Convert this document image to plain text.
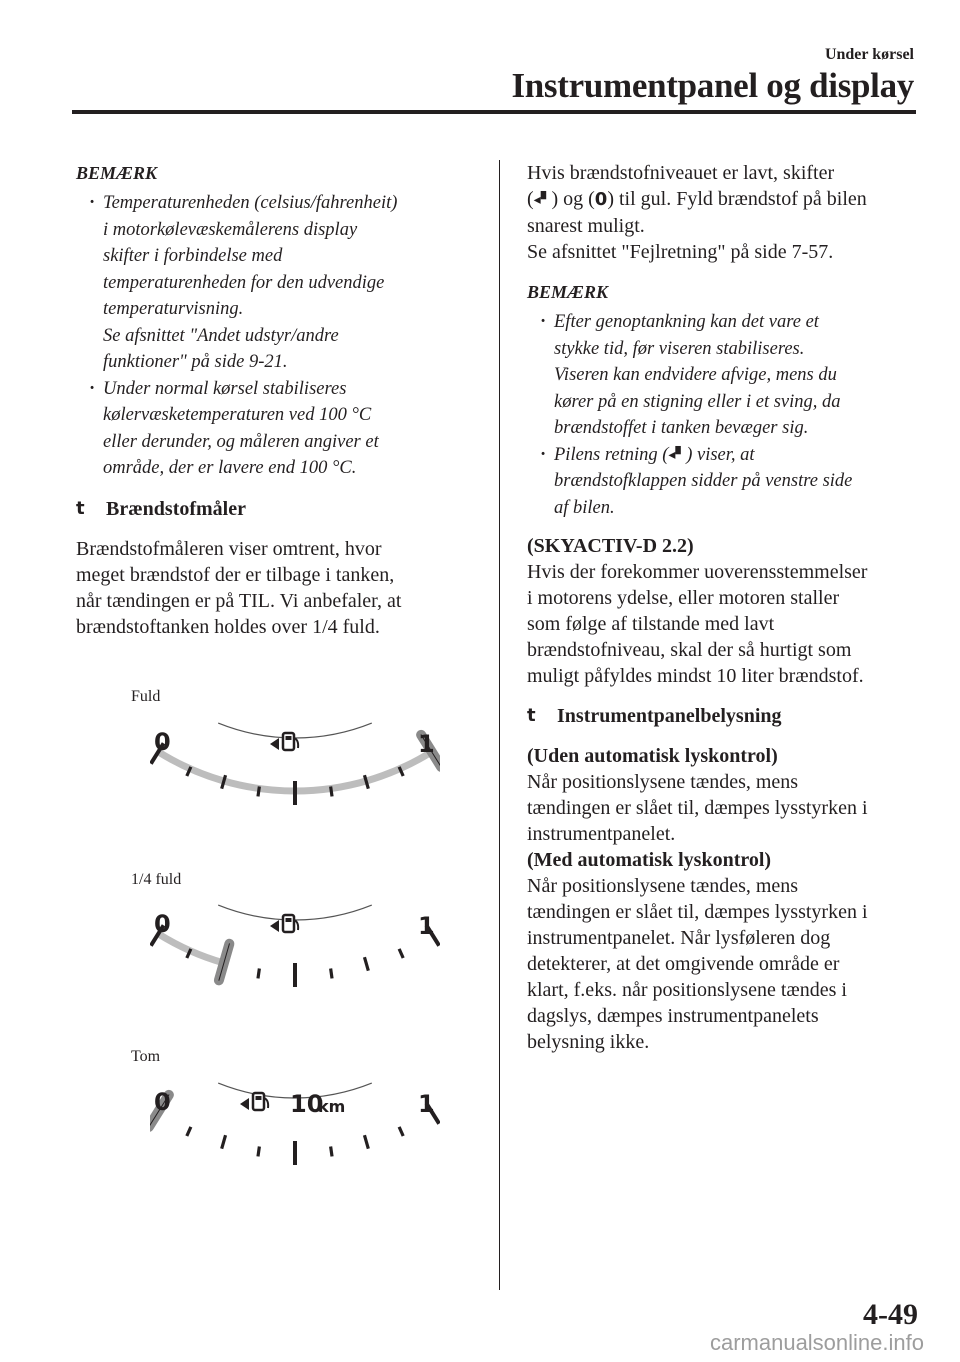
Under kørsel
Instrumentpanel og display
BEMÆRK
· Temperaturenheden (celsius/fahrenheit)
i motorkølevæskemålerens display
skifter i forbindelse med
temperaturenheden for den udvendige
temperaturvisning.
Se afsnittet "Andet udstyr/andre
funktioner" på side 9-21.
· Under normal kørsel stabiliseres
kølervæsketemperaturen ved 100 °C
eller derunder, og måleren angiver et
område, der er lavere end 100 °C.
t	Brændstofmåler

Brændstofmåleren viser omtrent, hvor

meget brændstof der er tilbage i tanken,

når tændingen er på TIL. Vi anbefaler, at

brændstoftanken holdes over 1/4 fuld.

Fuld
0	1
1/4 fuld
0	1
Tom
0	1
10
km

Hvis brændstofniveauet er lavt, skifter

(◂▘) og (0) til gul. Fyld brændstof på bilen

snarest muligt.

Se afsnittet "Fejlretning" på side 7-57.

BEMÆRK
· Efter genoptankning kan det vare et
stykke tid, før viseren stabiliseres.
Viseren kan endvidere afvige, mens du
kører på en stigning eller i et sving, da
brændstoffet i tanken bevæger sig.
· Pilens retning (◂▘) viser, at
brændstofklappen sidder på venstre side
af bilen.
(SKYACTIV-D 2.2)

Hvis der forekommer uoverensstemmelser

i motorens ydelse, eller motoren staller

som følge af tilstande med lavt

brændstofniveau, skal der så hurtigt som

muligt påfyldes mindst 10 liter brændstof.

t	Instrumentpanelbelysning
(Uden automatisk lyskontrol)

Når positionslysene tændes, mens

tændingen er slået til, dæmpes lysstyrken i

instrumentpanelet.

(Med automatisk lyskontrol)

Når positionslysene tændes, mens

tændingen er slået til, dæmpes lysstyrken i

instrumentpanelet. Når lysføleren dog

detekterer, at det omgivende område er

klart, f.eks. når positionslysene tændes i

dagslys, dæmpes instrumentpanelets

belysning ikke.

4-49
carmanualsonline.info
